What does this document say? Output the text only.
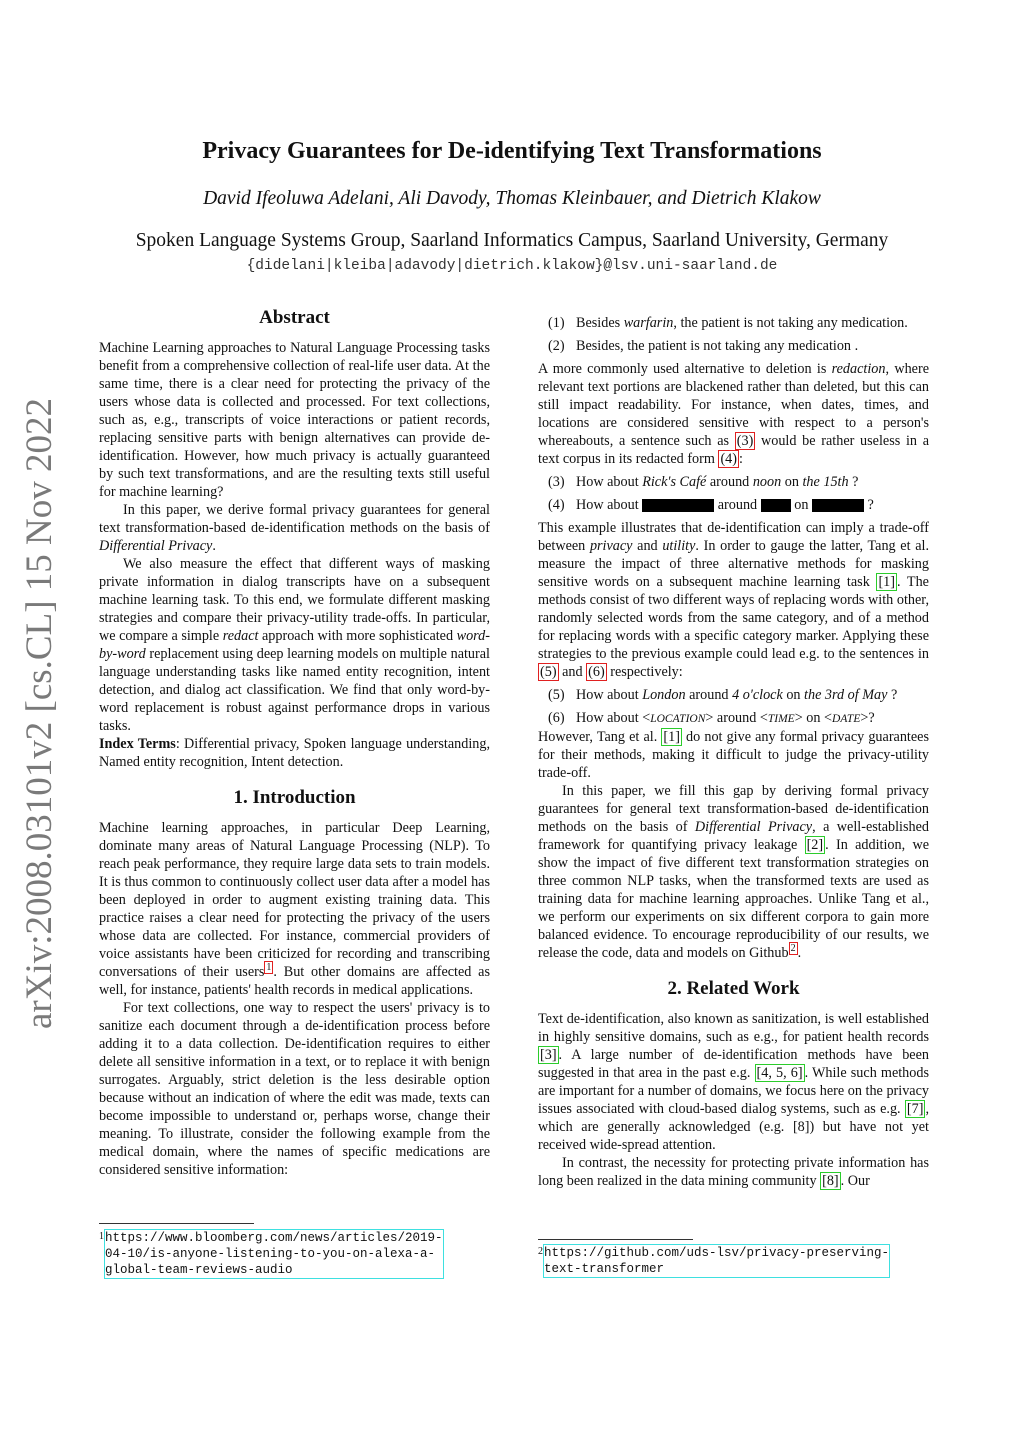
arXiv:2008.03101v2 [cs.CL] 15 Nov 2022
Privacy Guarantees for De-identifying Text Transformations
David Ifeoluwa Adelani, Ali Davody, Thomas Kleinbauer, and Dietrich Klakow
Spoken Language Systems Group, Saarland Informatics Campus, Saarland University, Germany
{didelani|kleiba|adavody|dietrich.klakow}@lsv.uni-saarland.de
Abstract

Machine Learning approaches to Natural Language Processing tasks benefit from a comprehensive collection of real-life user data. At the same time, there is a clear need for protecting the privacy of the users whose data is collected and processed. For text collections, such as, e.g., transcripts of voice interactions or patient records, replacing sensitive parts with benign alternatives can provide de-identification. However, how much privacy is actually guaranteed by such text transformations, and are the resulting texts still useful for machine learning?

In this paper, we derive formal privacy guarantees for general text transformation-based de-identification methods on the basis of Differential Privacy.

We also measure the effect that different ways of masking private information in dialog transcripts have on a subsequent machine learning task. To this end, we formulate different masking strategies and compare their privacy-utility trade-offs. In particular, we compare a simple redact approach with more sophisticated word-by-word replacement using deep learning models on multiple natural language understanding tasks like named entity recognition, intent detection, and dialog act classification. We find that only word-by-word replacement is robust against performance drops in various tasks.

Index Terms: Differential privacy, Spoken language understanding, Named entity recognition, Intent detection.

1. Introduction

Machine learning approaches, in particular Deep Learning, dominate many areas of Natural Language Processing (NLP). To reach peak performance, they require large data sets to train models. It is thus common to continuously collect user data after a model has been deployed in order to augment existing training data. This practice raises a clear need for protecting the privacy of the users whose data are collected. For instance, commercial providers of voice assistants have been criticized for recording and transcribing conversations of their users $^1$ . But other domains are affected as well, for instance, patients' health records in medical applications.

For text collections, one way to respect the users' privacy is to sanitize each document through a de-identification process before adding it to a data collection. De-identification requires to either delete all sensitive information in a text, or to replace it with benign surrogates. Arguably, strict deletion is the less desirable option because without an indication of where the edit was made, texts can become impossible to understand or, perhaps worse, change their meaning. To illustrate, consider the following example from the medical domain, where the names of specific medications are considered sensitive information:

$^1$https://www.bloomberg.com/news/articles/2019-
04-10/is-anyone-listening-to-you-on-alexa-a-
global-team-reviews-audio
(1) Besides warfarin, the patient is not taking any medication.
(2) Besides, the patient is not taking any medication .

A more commonly used alternative to deletion is redaction, where relevant text portions are blackened rather than deleted, but this can still impact readability. For instance, when dates, times, and locations are considered sensitive with respect to a person's whereabouts, a sentence such as (3) would be rather useless in a text corpus in its redacted form (4) :

(3) How about Rick's Café around noon on the 15th ?
(4) How about	around  on	?

This example illustrates that de-identification can imply a trade-off between privacy and utility. In order to gauge the latter, Tang et al. measure the impact of three alternative methods for masking sensitive words on a subsequent machine learning task [1] . The methods consist of two different ways of replacing words with other, randomly selected words from the same category, and of a method for replacing words with a specific category marker. Applying these strategies to the previous example could lead e.g. to the sentences in (5) and (6) respectively:

(5) How about London around 4 o'clock on the 3rd of May ?
(6) How about <LOCATION> around <TIME> on <DATE>?

However, Tang et al. [1] do not give any formal privacy guarantees for their methods, making it difficult to judge the privacy-utility trade-off.

In this paper, we fill this gap by deriving formal privacy guarantees for general text transformation-based de-identification methods on the basis of Differential Privacy, a well-established framework for quantifying privacy leakage [2] . In addition, we show the impact of five different text transformation strategies on three common NLP tasks, when the transformed texts are used as training data for machine learning approaches. Unlike Tang et al., we perform our experiments on six different corpora to gain more balanced evidence. To encourage reproducibility of our results, we release the code, data and models on Github $^2$ .

2. Related Work

Text de-identification, also known as sanitization, is well established in highly sensitive domains, such as e.g., for patient health records [3] . A large number of de-identification methods have been suggested in that area in the past e.g. [4, 5, 6] . While such methods are important for a number of domains, we focus here on the privacy issues associated with cloud-based dialog systems, such as e.g. [7] , which are generally acknowledged (e.g. [8]) but have not yet received wide-spread attention.

In contrast, the necessity for protecting private information has long been realized in the data mining community [8] . Our

$^2$https://github.com/uds-lsv/privacy-preserving-
text-transformer
